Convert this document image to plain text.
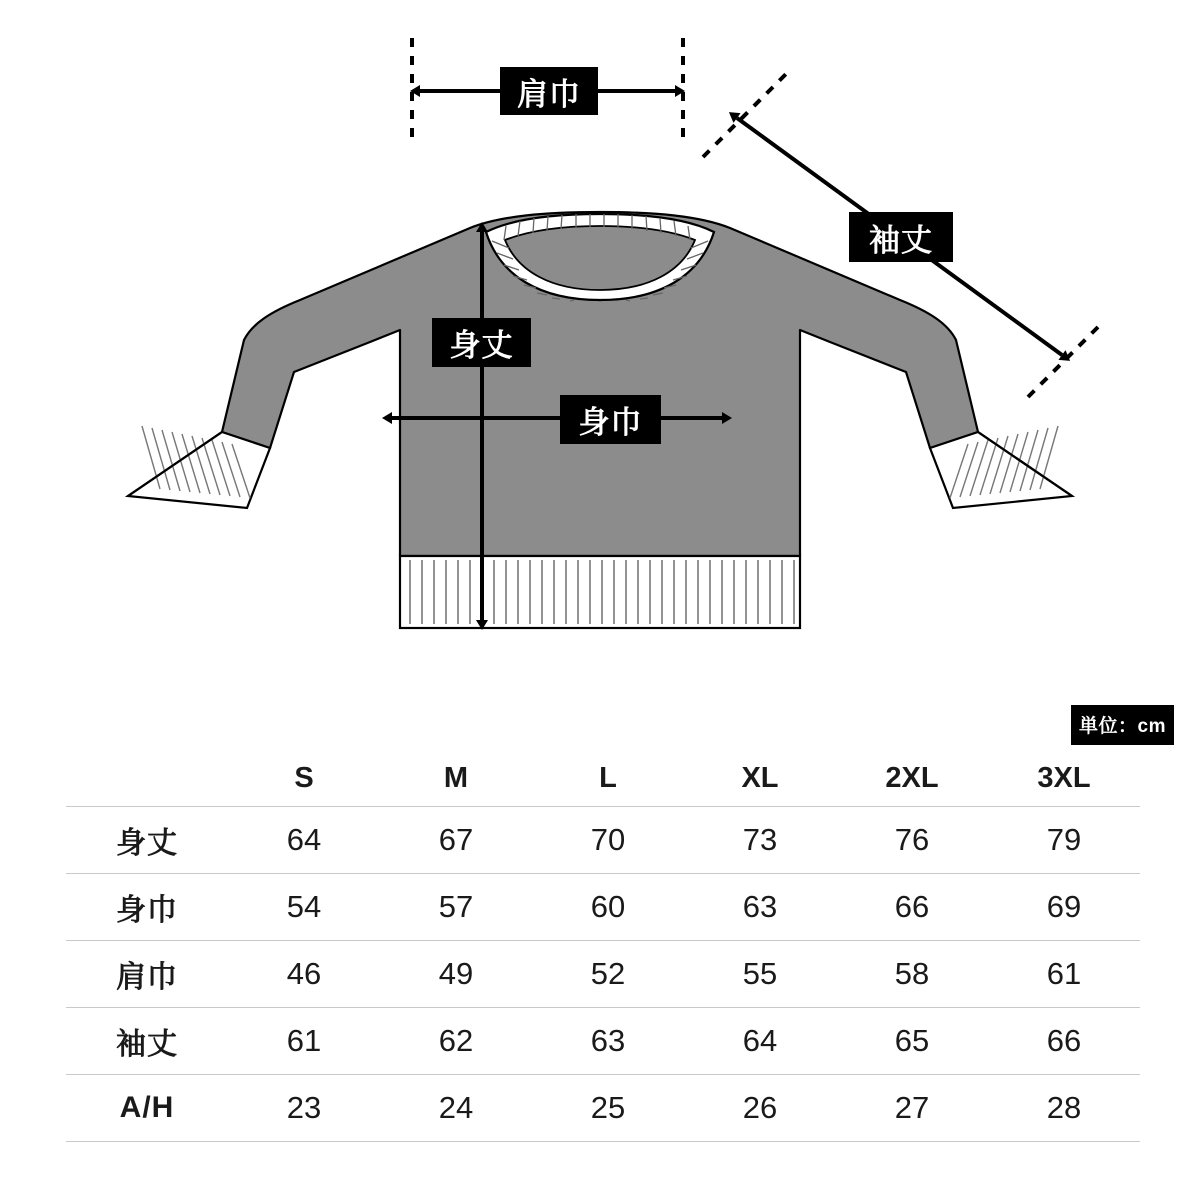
肩巾
袖丈
身丈
身巾
単位：cm
	S	M	L	XL	2XL	3XL
身丈	64	67	70	73	76	79
身巾	54	57	60	63	66	69
肩巾	46	49	52	55	58	61
袖丈	61	62	63	64	65	66
A/H	23	24	25	26	27	28
